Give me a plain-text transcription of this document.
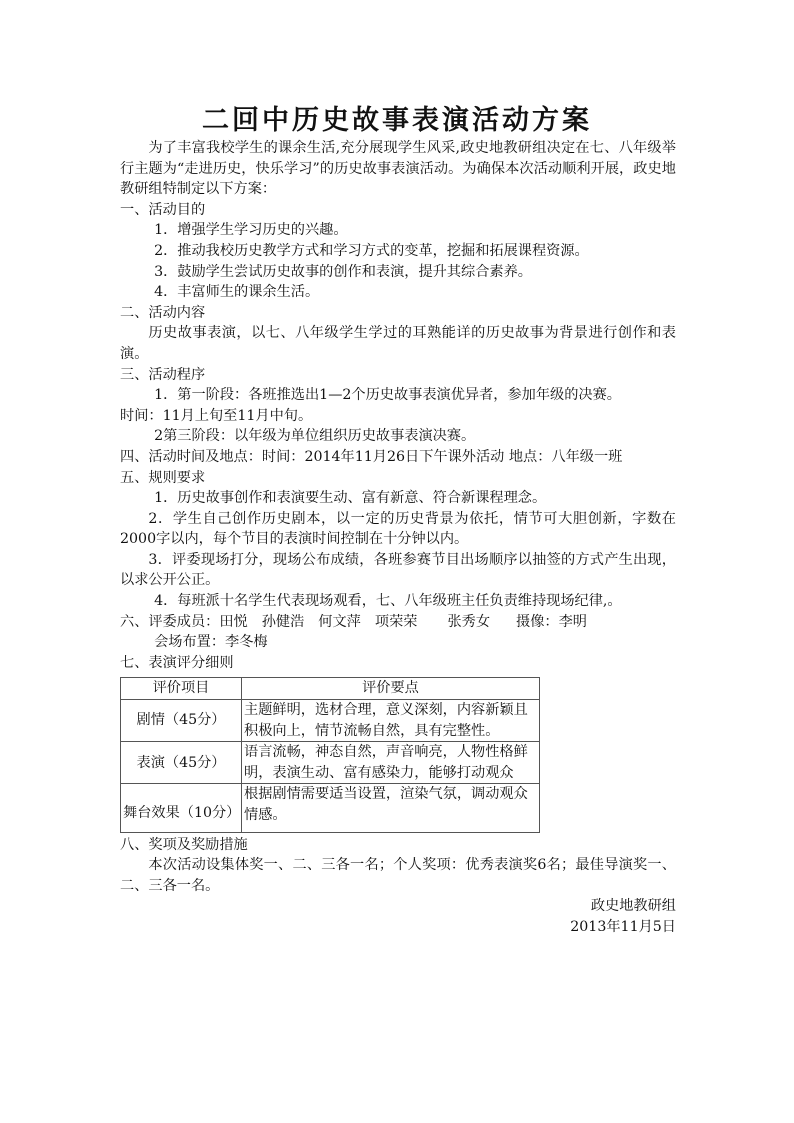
二回中历史故事表演活动方案

为了丰富我校学生的课余生活,充分展现学生风采,政史地教研组决定在七、八年级举行主题为“走进历史，快乐学习”的历史故事表演活动。为确保本次活动顺利开展，政史地教研组特制定以下方案：

一、活动目的

1．增强学生学习历史的兴趣。

2．推动我校历史教学方式和学习方式的变革，挖掘和拓展课程资源。

3．鼓励学生尝试历史故事的创作和表演，提升其综合素养。

4．丰富师生的课余生活。

二、活动内容

历史故事表演，以七、八年级学生学过的耳熟能详的历史故事为背景进行创作和表演。

三、活动程序

1．第一阶段：各班推选出1—2个历史故事表演优异者，参加年级的决赛。

时间：11月上旬至11月中旬。

2第三阶段：以年级为单位组织历史故事表演决赛。

四、活动时间及地点：时间：2014年11月26日下午课外活动 地点：八年级一班

五、规则要求

1．历史故事创作和表演要生动、富有新意、符合新课程理念。

2．学生自己创作历史剧本，以一定的历史背景为依托，情节可大胆创新，字数在2000字以内，每个节目的表演时间控制在十分钟以内。

3．评委现场打分，现场公布成绩，各班参赛节目出场顺序以抽签的方式产生出现，以求公开公正。

4．每班派十名学生代表现场观看，七、八年级班主任负责维持现场纪律,。

六、评委成员： 田悦 孙健浩 何文萍 项荣荣 张秀女 摄像：李明

会场布置：李冬梅

七、表演评分细则

评价项目	评价要点
剧情（45分）	主题鲜明，选材合理，意义深刻，内容新颖且积极向上，情节流畅自然，具有完整性。
表演（45分）	语言流畅，神态自然，声音响亮，人物性格鲜明，表演生动、富有感染力，能够打动观众
舞台效果（10分）	根据剧情需要适当设置，渲染气氛，调动观众情感。

八、奖项及奖励措施

本次活动设集体奖一、二、三各一名；个人奖项：优秀表演奖6名；最佳导演奖一、二、三各一名。

政史地教研组

2013年11月5日
